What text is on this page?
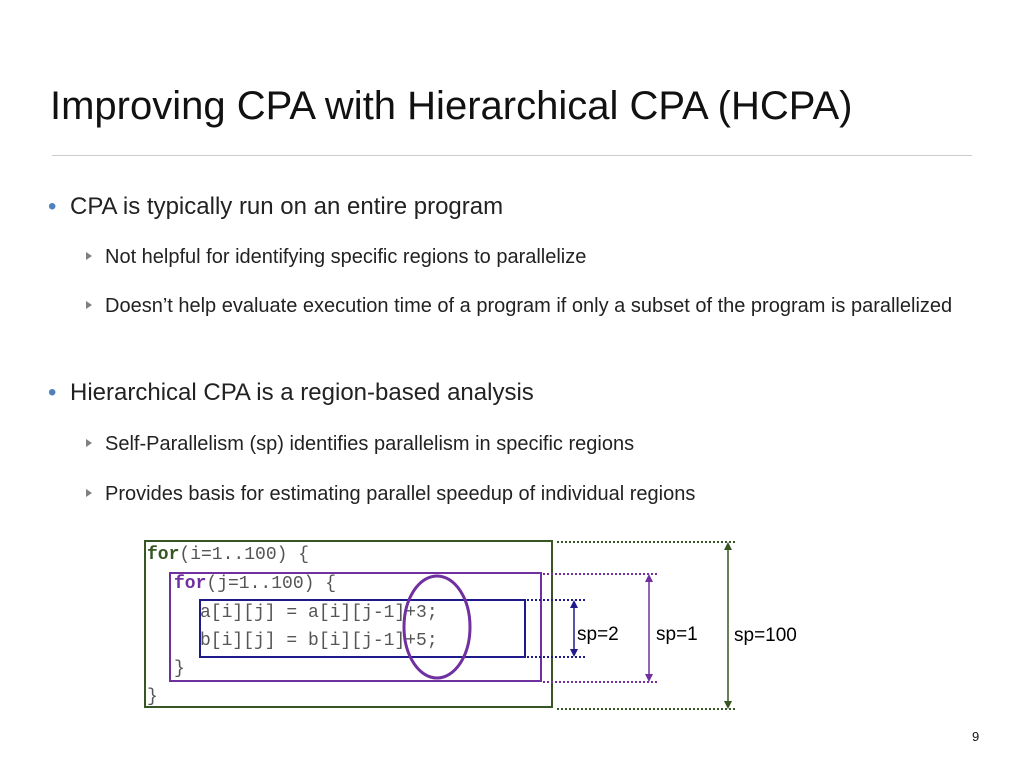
Improving CPA with Hierarchical CPA (HCPA)
• CPA is typically run on an entire program
Not helpful for identifying specific regions to parallelize
Doesn’t help evaluate execution time of a program if only a subset of the program is parallelized
• Hierarchical CPA is a region-based analysis
Self-Parallelism (sp) identifies parallelism in specific regions
Provides basis for estimating parallel speedup of individual regions
for(i=1..100) {
for(j=1..100) {
a[i][j] = a[i][j-1]+3;
b[i][j] = b[i][j-1]+5;
}
}
sp=2 sp=1 sp=100
9
